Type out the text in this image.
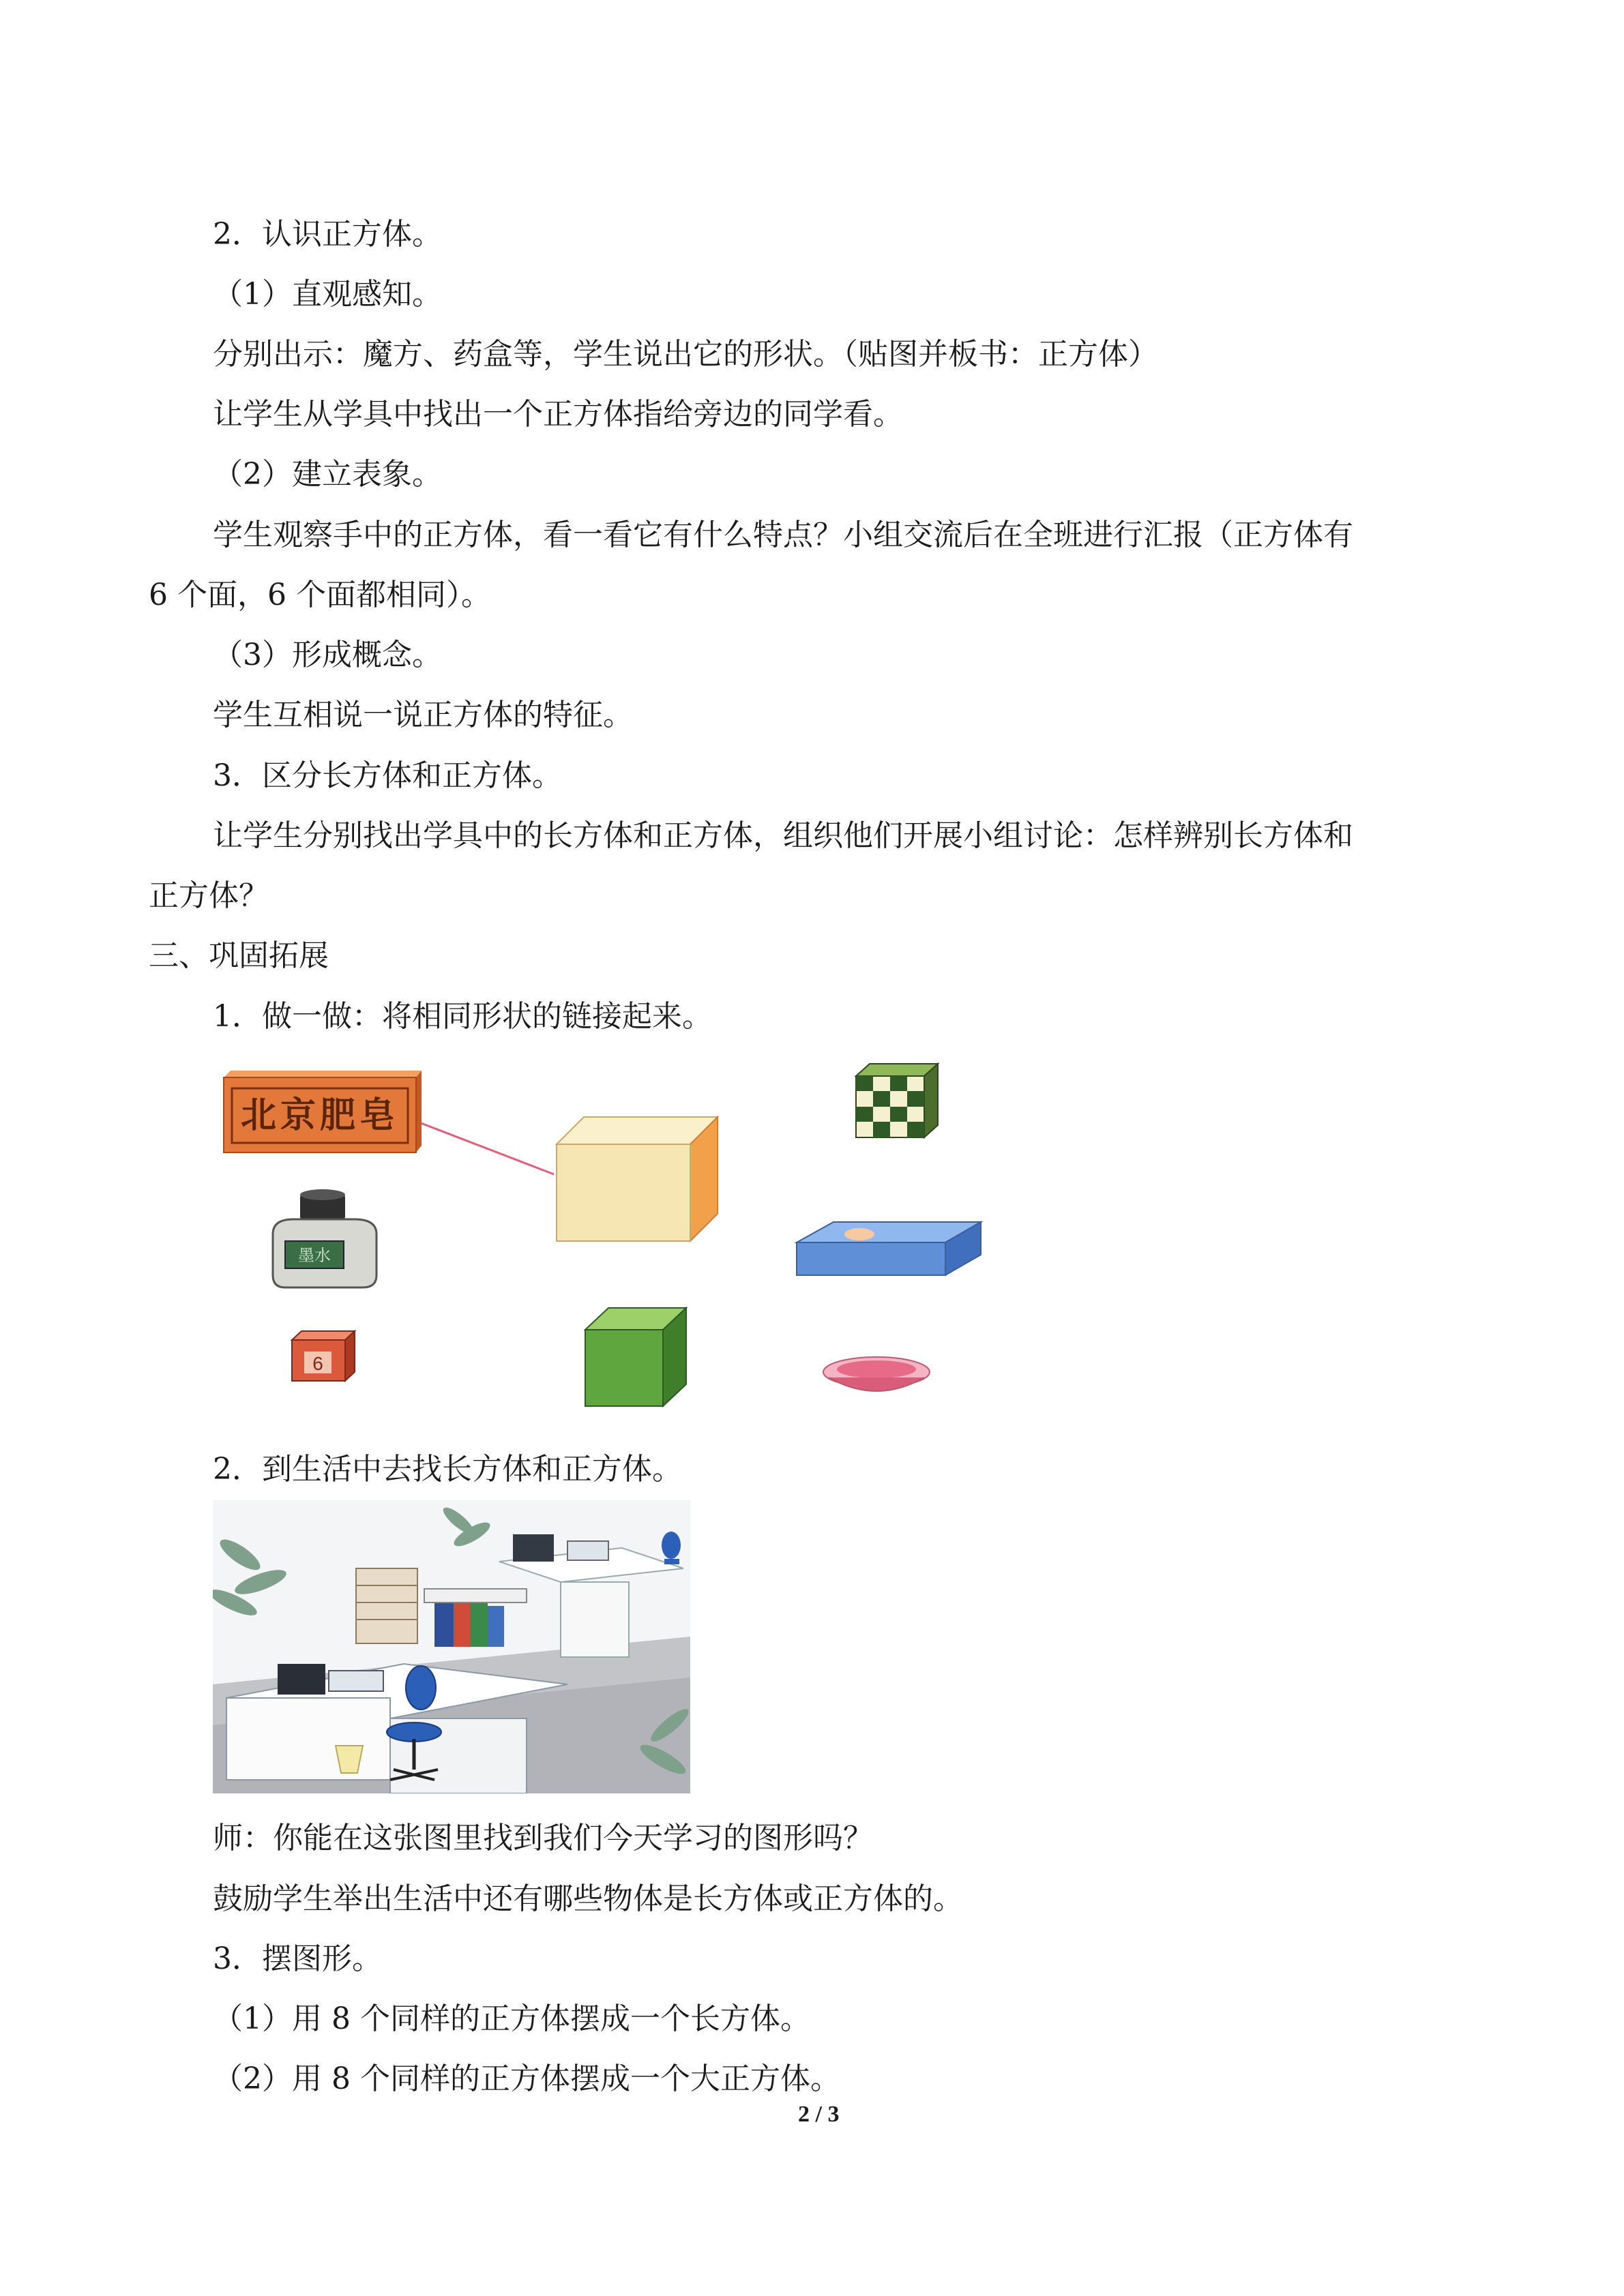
2．认识正方体。
（1）直观感知。
分别出示：魔方、药盒等，学生说出它的形状。（贴图并板书：正方体）
让学生从学具中找出一个正方体指给旁边的同学看。
（2）建立表象。
学生观察手中的正方体，看一看它有什么特点？小组交流后在全班进行汇报（正方体有
6 个面，6 个面都相同）。
（3）形成概念。
学生互相说一说正方体的特征。
3．区分长方体和正方体。
让学生分别找出学具中的长方体和正方体，组织他们开展小组讨论：怎样辨别长方体和
正方体？
三、巩固拓展
1．做一做：将相同形状的链接起来。
北京肥皂
墨水
6
2．到生活中去找长方体和正方体。
师：你能在这张图里找到我们今天学习的图形吗？
鼓励学生举出生活中还有哪些物体是长方体或正方体的。
3．摆图形。
（1）用 8 个同样的正方体摆成一个长方体。
（2）用 8 个同样的正方体摆成一个大正方体。
2 / 3
